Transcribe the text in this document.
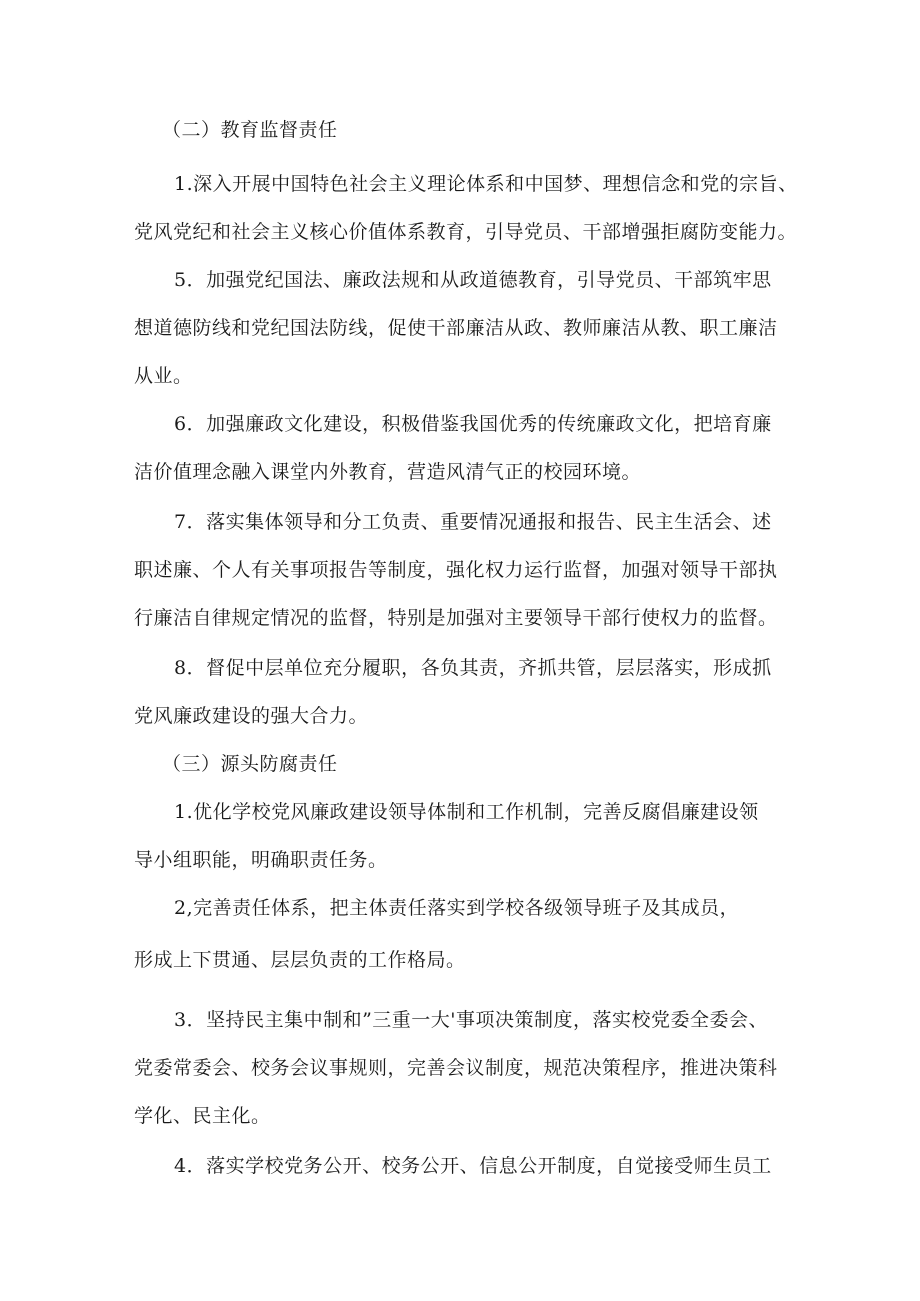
（二）教育监督责任
1.深入开展中国特色社会主义理论体系和中国梦、理想信念和党的宗旨、
党风党纪和社会主义核心价值体系教育，引导党员、干部增强拒腐防变能力。
5．加强党纪国法、廉政法规和从政道德教育，引导党员、干部筑牢思
想道德防线和党纪国法防线，促使干部廉洁从政、教师廉洁从教、职工廉洁
从业。
6．加强廉政文化建设，积极借鉴我国优秀的传统廉政文化，把培育廉
洁价值理念融入课堂内外教育，营造风清气正的校园环境。
7．落实集体领导和分工负责、重要情况通报和报告、民主生活会、述
职述廉、个人有关事项报告等制度，强化权力运行监督，加强对领导干部执
行廉洁自律规定情况的监督，特别是加强对主要领导干部行使权力的监督。
8．督促中层单位充分履职，各负其责，齐抓共管，层层落实，形成抓
党风廉政建设的强大合力。
（三）源头防腐责任
1.优化学校党风廉政建设领导体制和工作机制，完善反腐倡廉建设领
导小组职能，明确职责任务。
2,完善责任体系，把主体责任落实到学校各级领导班子及其成员，
形成上下贯通、层层负责的工作格局。
3．坚持民主集中制和”三重一大'事项决策制度，落实校党委全委会、
党委常委会、校务会议事规则，完善会议制度，规范决策程序，推进决策科
学化、民主化。
4．落实学校党务公开、校务公开、信息公开制度，自觉接受师生员工
